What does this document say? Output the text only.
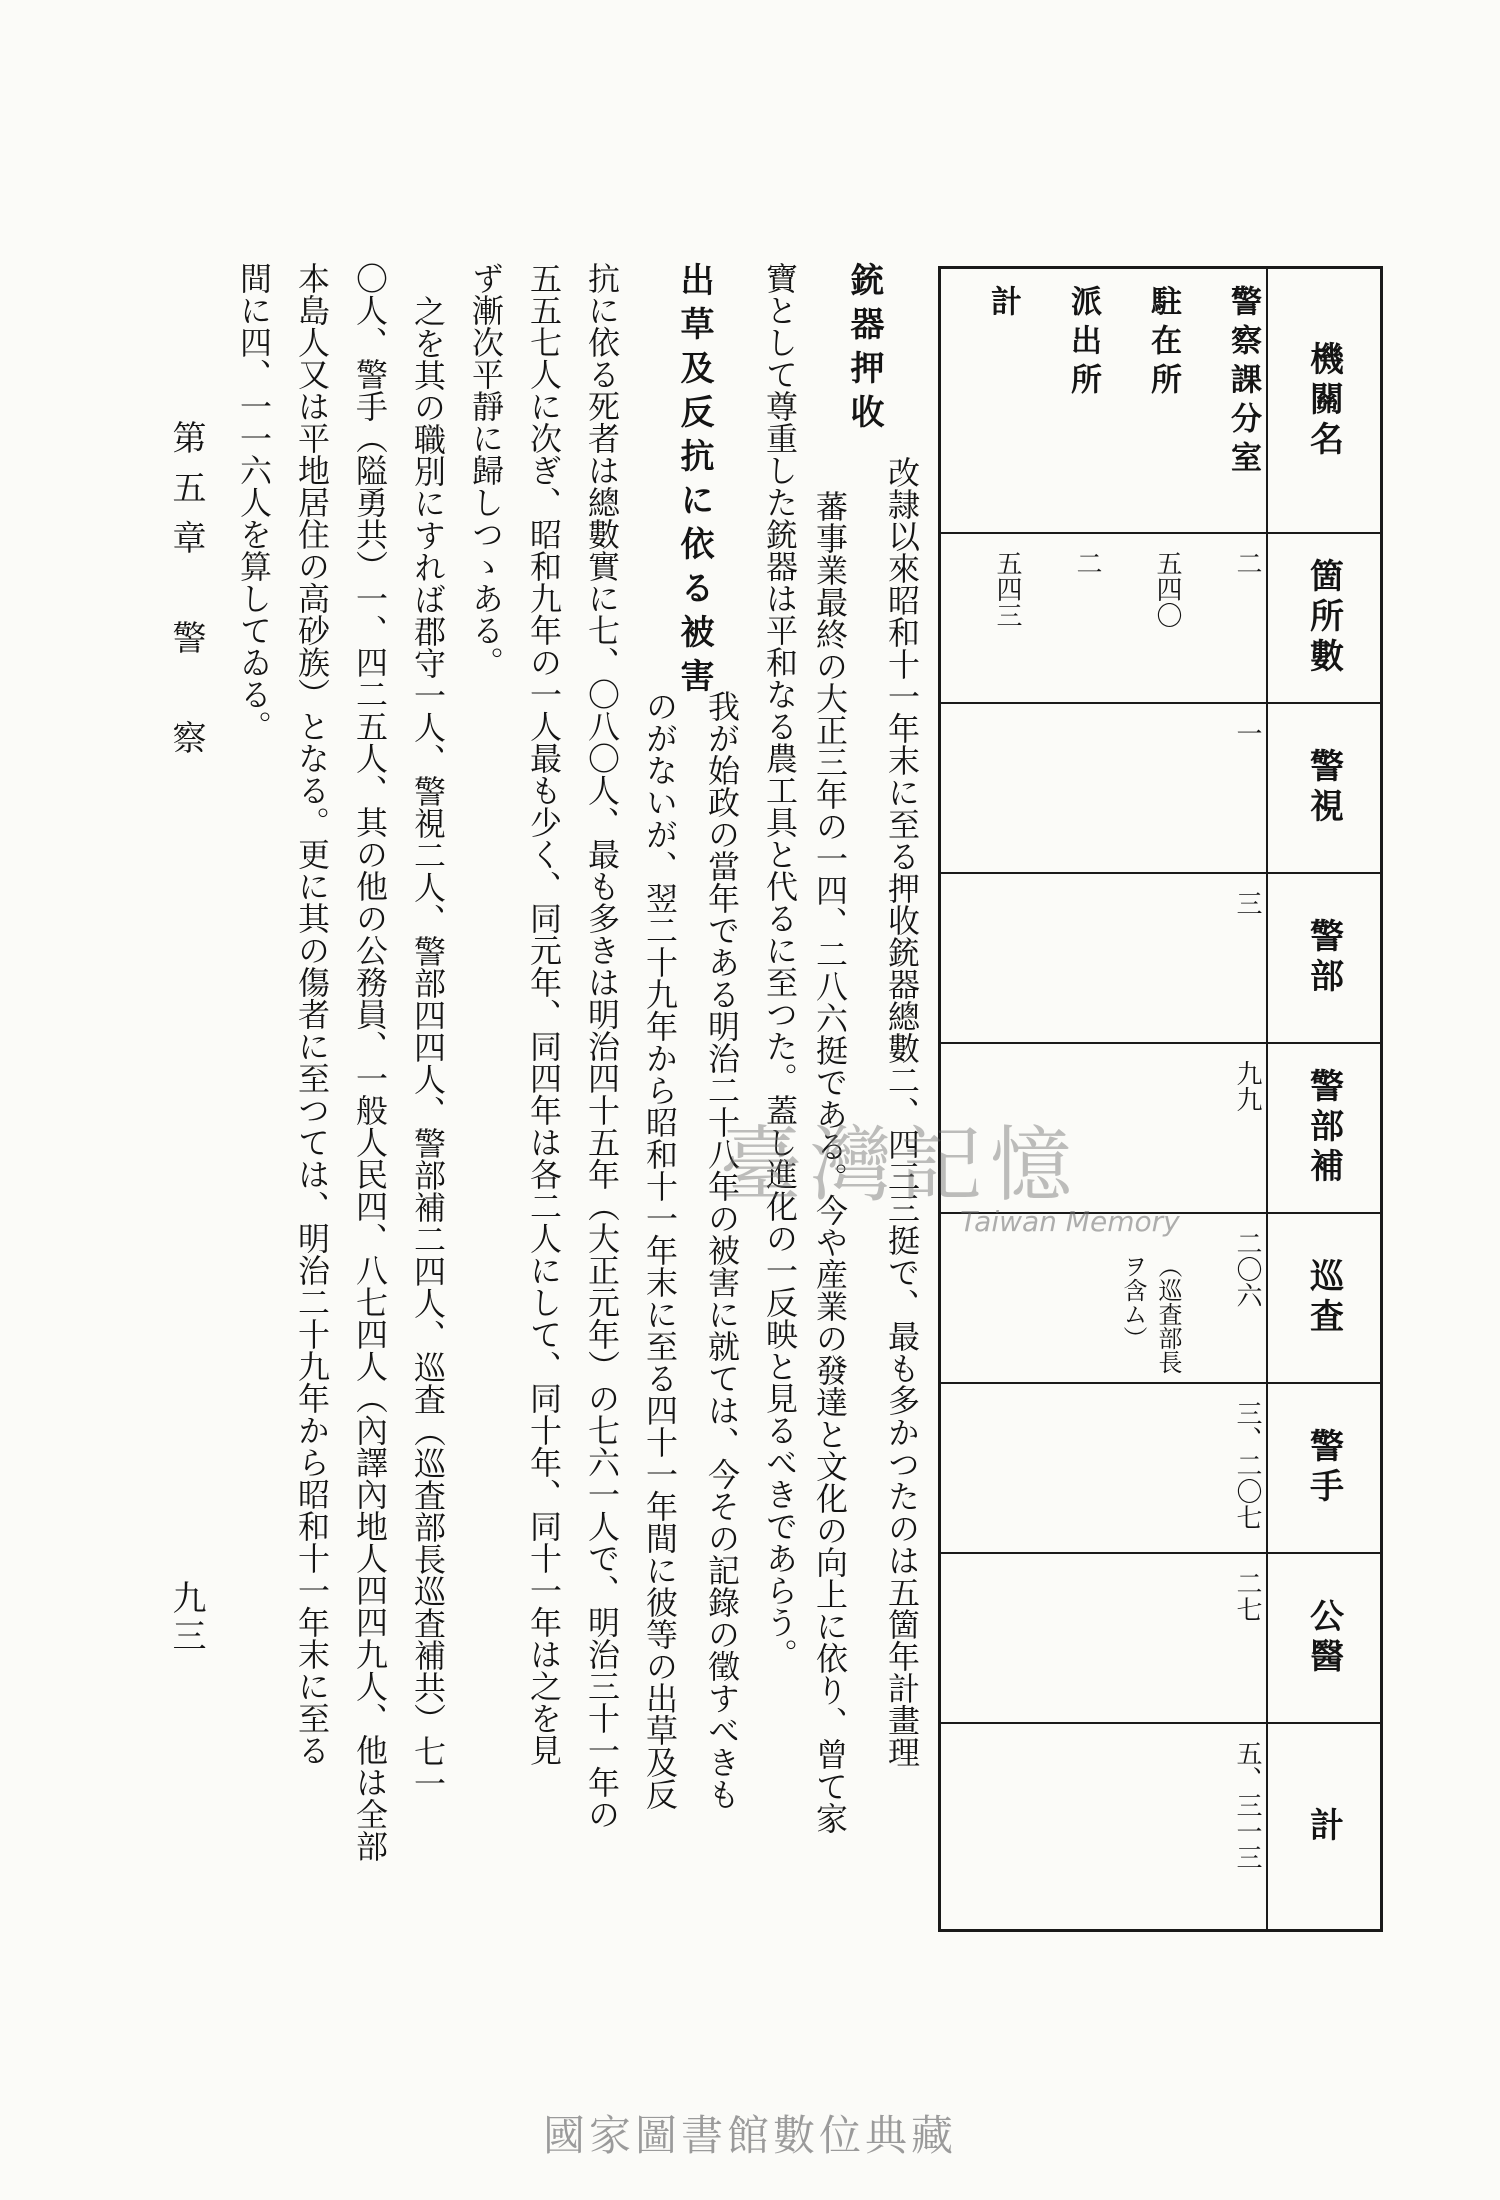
機關名
箇所數
警視
警部
警部補
巡査
警手
公醫
計
警察課分室
駐在所
派出所
計
二
五四〇
二
五四三
一
三
九九
二〇六
（巡査部長ヲ含ム）
三、二〇七
二七
五、三一三
銃器押收
改隷以來昭和十一年末に至る押收銃器總數二、四三三挺で、最も多かつたのは五箇年計畫理
蕃事業最終の大正三年の一四、二八六挺である。今や産業の發達と文化の向上に依り、曾て家
寶として尊重した銃器は平和なる農工具と代るに至つた。蓋し進化の一反映と見るべきであらう。
出草及反抗に依る被害
我が始政の當年である明治二十八年の被害に就ては、今その記錄の徵すべきも
のがないが、翌二十九年から昭和十一年末に至る四十一年間に彼等の出草及反
抗に依る死者は總數實に七、〇八〇人、最も多きは明治四十五年（大正元年）の七六一人で、明治三十一年の
五五七人に次ぎ、昭和九年の一人最も少く、同元年、同四年は各二人にして、同十年、同十一年は之を見
ず漸次平靜に歸しつゝある。
之を其の職別にすれば郡守一人、警視二人、警部四四人、警部補二四人、巡査（巡査部長巡査補共）七一
〇人、警手（隘勇共）一、四二五人、其の他の公務員、一般人民四、八七四人（內譯內地人四四九人、他は全部
本島人又は平地居住の高砂族）となる。更に其の傷者に至つては、明治二十九年から昭和十一年末に至る
間に四、一一六人を算してゐる。
第五章　警　察
九三
臺灣記憶
Taiwan Memory
國家圖書館數位典藏
